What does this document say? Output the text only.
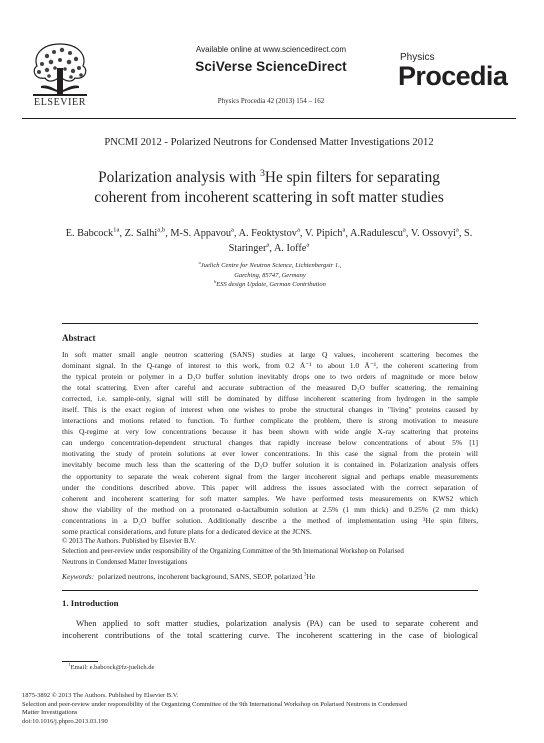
ELSEVIER
Available online at www.sciencedirect.com
SciVerse ScienceDirect
Physics Procedia 42 (2013) 154 – 162
Physics
Procedia
PNCMI 2012 - Polarized Neutrons for Condensed Matter Investigations 2012
Polarization analysis with $^3$He spin filters for separating
coherent from incoherent scattering in soft matter studies
E. Babcock$^{1a}$, Z. Salhi$^{a,b}$, M-S. Appavou$^a$, A. Feoktystov$^a$, V. Pipich$^a$, A.Radulescu$^a$, V. Ossovyi$^a$, S. Staringer$^a$, A. Ioffe$^a$
$^a$Juelich Centre for Neutron Science, Lichtenbergstr 1.,
Garching, 85747, Germany
$^b$ESS design Update, German Contribution
Abstract
In soft matter small angle neutron scattering (SANS) studies at large Q values, incoherent scattering becomes the
dominant signal. In the Q-range of interest to this work, from 0.2 Å⁻¹ to about 1.0 Å⁻¹, the coherent scattering from
the typical protein or polymer in a D₂O buffer solution inevitably drops one to two orders of magnitude or more below
the total scattering. Even after careful and accurate subtraction of the measured D₂O buffer scattering, the remaining
corrected, i.e. sample-only, signal will still be dominated by diffuse incoherent scattering from hydrogen in the sample
itself. This is the exact region of interest when one wishes to probe the structural changes in "living" proteins caused by
interactions and motions related to function. To further complicate the problem, there is strong motivation to measure
this Q-regime at very low concentrations because it has been shown with wide angle X-ray scattering that proteins
can undergo concentration-dependent structural changes that rapidly increase below concentrations of about 5% [1]
motivating the study of protein solutions at ever lower concentrations. In this case the signal from the protein will
inevitably become much less than the scattering of the D₂O buffer solution it is contained in. Polarization analysis offers
the opportunity to separate the weak coherent signal from the larger incoherent signal and perhaps enable measurements
under the conditions described above. This paper will address the issues associated with the correct separation of
coherent and incoherent scattering for soft matter samples. We have performed tests measurements on KWS2 which
show the viability of the method on a protonated α-lactalbumin solution at 2.5% (1 mm thick) and 0.25% (2 mm thick)
concentrations in a D₂O buffer solution. Additionally describe a the method of implementation using ³He spin filters,
some practical considerations, and future plans for a dedicated device at the JCNS.
© 2013 The Authors. Published by Elsevier B.V.
Selection and peer-review under responsibility of the Organizing Committee of the 9th International Workshop on Polarised
Neutrons in Condensed Matter Investigations
Keywords: polarized neutrons, incoherent background, SANS, SEOP, polarized $^3$He
1. Introduction
When applied to soft matter studies, polarization analysis (PA) can be used to separate coherent and
incoherent contributions of the total scattering curve. The incoherent scattering in the case of biological
$^1$Email: e.babcock@fz-juelich.de
1875-3892 © 2013 The Authors. Published by Elsevier B.V.
Selection and peer-review under responsibility of the Organizing Committee of the 9th International Workshop on Polarised Neutrons in Condensed
Matter Investigations
doi:10.1016/j.phpro.2013.03.190
